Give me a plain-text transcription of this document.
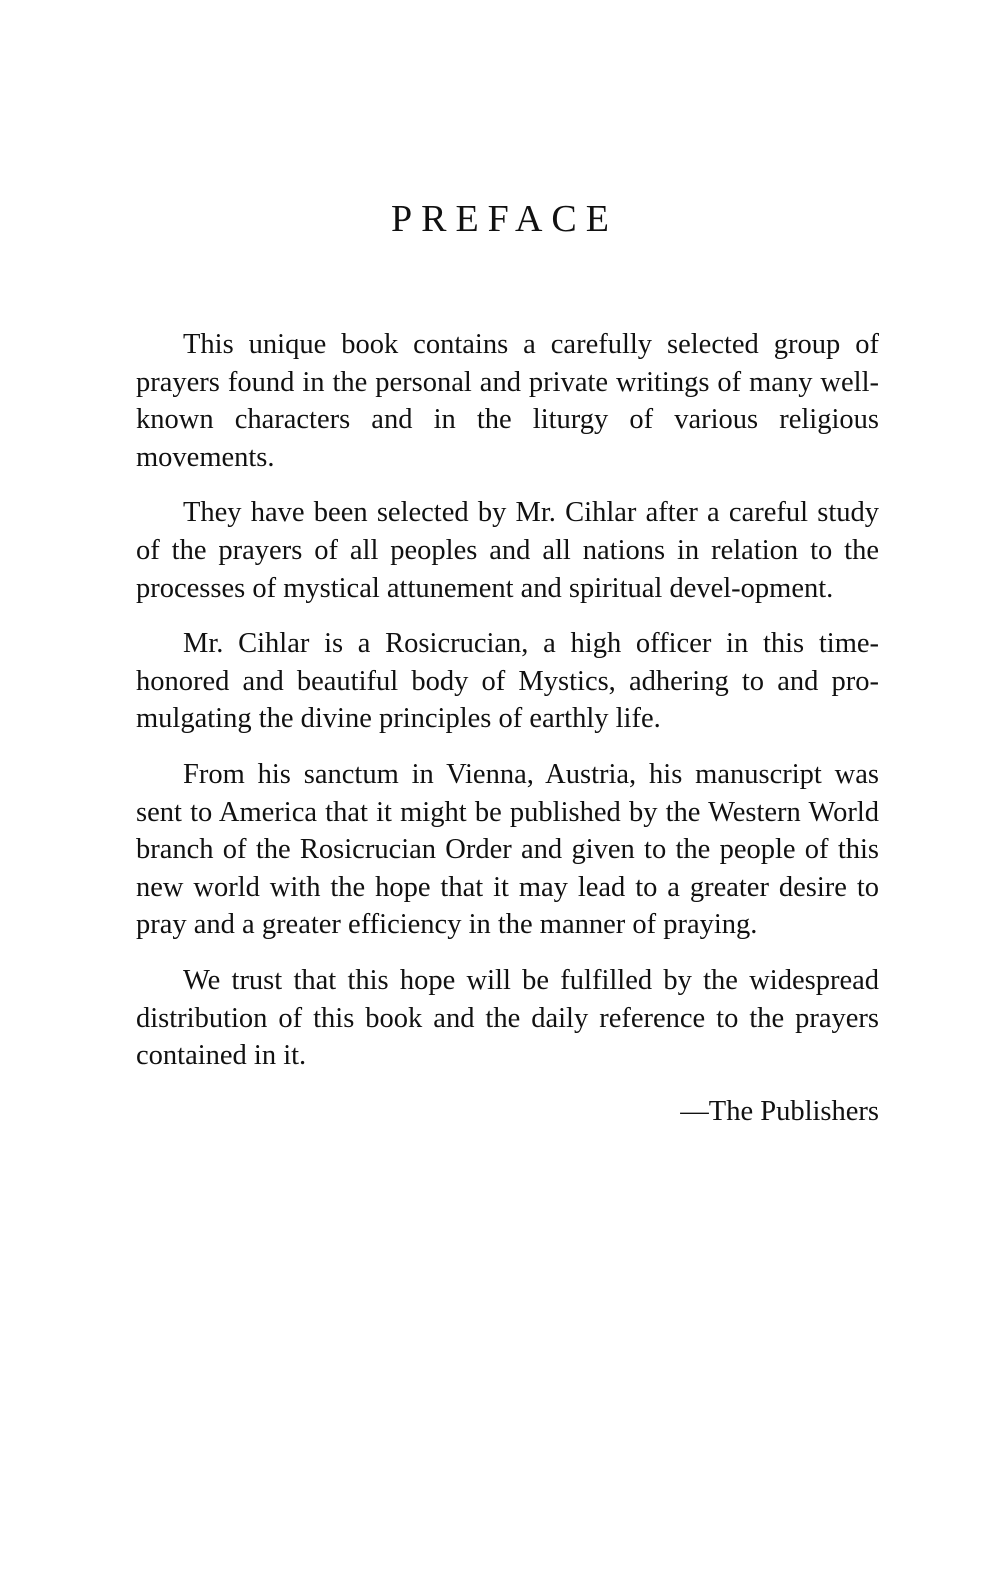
PREFACE

This unique book contains a carefully selected group of prayers found in the personal and private writings of many well-known characters and in the liturgy of various religious movements.

They have been selected by Mr. Cihlar after a careful study of the prayers of all peoples and all nations in relation to the processes of mystical attunement and spiritual devel-opment.

Mr. Cihlar is a Rosicrucian, a high officer in this time-honored and beautiful body of Mystics, adhering to and pro-mulgating the divine principles of earthly life.

From his sanctum in Vienna, Austria, his manuscript was sent to America that it might be published by the Western World branch of the Rosicrucian Order and given to the people of this new world with the hope that it may lead to a greater desire to pray and a greater efficiency in the manner of praying.

We trust that this hope will be fulfilled by the widespread distribution of this book and the daily reference to the prayers contained in it.

—The Publishers
